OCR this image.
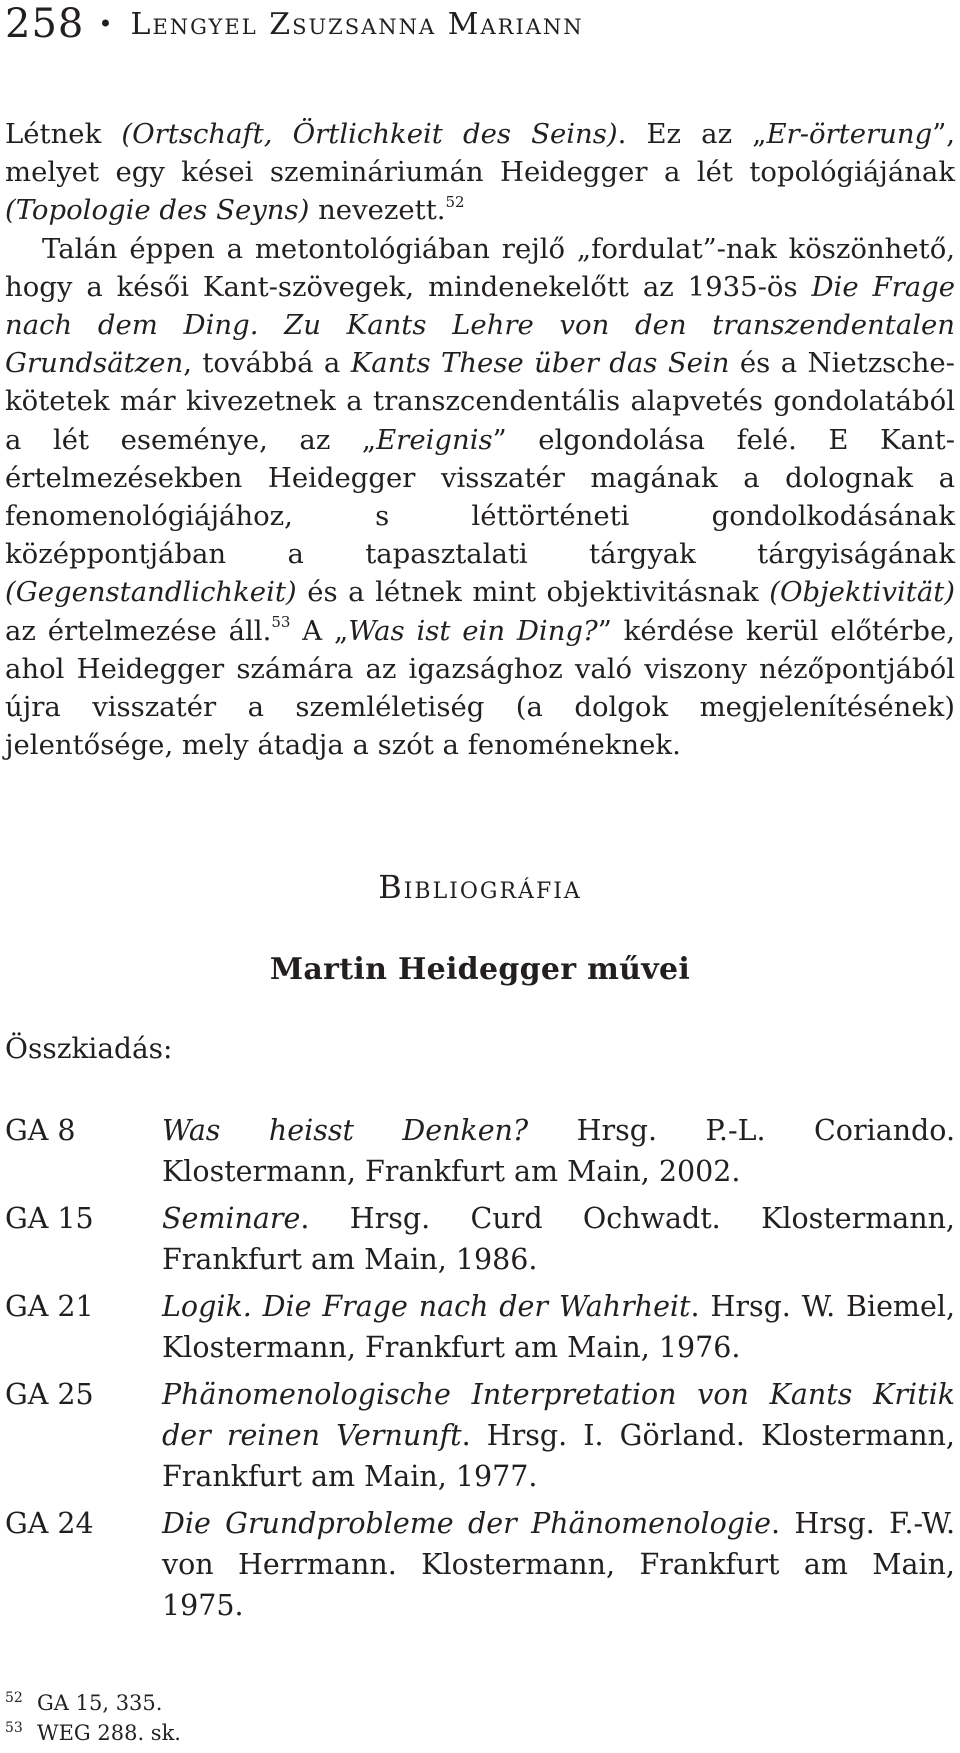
258 • Lengyel Zsuzsanna Mariann

Létnek (Ortschaft, Örtlichkeit des Seins). Ez az „Er-örterung”, melyet egy kései szemináriumán Heidegger a lét topológiájának (Topologie des Seyns) nevezett.$^{52}$

Talán éppen a metontológiában rejlő „fordulat”-nak köszönhető, hogy a késői Kant-szövegek, mindenekelőtt az 1935-ös Die Frage nach dem Ding. Zu Kants Lehre von den transzendentalen Grundsätzen, továbbá a Kants These über das Sein és a Nietzsche-kötetek már kivezetnek a transzcendentális alapvetés gondolatából a lét eseménye, az „Ereignis” elgondolása felé. E Kant-értelmezésekben Heidegger visszatér magának a dolognak a fenomenológiájához, s léttörténeti gondolkodásának középpontjában a tapasztalati tárgyak tárgyiságának (Gegenstandlichkeit) és a létnek mint objektivitásnak (Objektivität) az értelmezése áll.$^{53}$ A „Was ist ein Ding?” kérdése kerül előtérbe, ahol Heidegger számára az igazsághoz való viszony nézőpontjából újra visszatér a szemléletiség (a dolgok megjelenítésének) jelentősége, mely átadja a szót a fenoméneknek.

Bibliográfia
Martin Heidegger művei
Összkiadás:
GA 8	Was heisst Denken? Hrsg. P.-L. Coriando. Klostermann, Frankfurt am Main, 2002.
GA 15	Seminare. Hrsg. Curd Ochwadt. Klostermann, Frankfurt am Main, 1986.
GA 21	Logik. Die Frage nach der Wahrheit. Hrsg. W. Biemel, Klostermann, Frankfurt am Main, 1976.
GA 25	Phänomenologische Interpretation von Kants Kritik der reinen Vernunft. Hrsg. I. Görland. Klostermann, Frankfurt am Main, 1977.
GA 24	Die Grundprobleme der Phänomenologie. Hrsg. F.-W. von Herrmann. Klostermann, Frankfurt am Main, 1975.
52 GA 15, 335.
53 WEG 288. sk.
